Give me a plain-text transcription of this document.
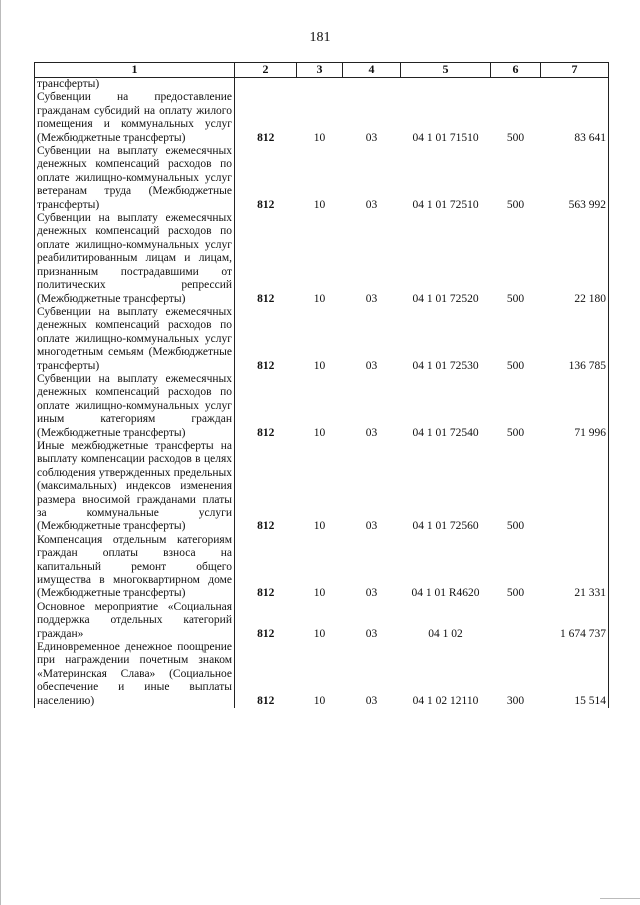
181
1	2	3	4	5	6	7
трансферты)						
Субвенции на предоставление гражданам субсидий на оплату жилого помещения и коммунальных услуг (Межбюджетные трансферты)	812	10	03	04 1 01 71510	500	83 641
Субвенции на выплату ежемесячных денежных компенсаций расходов по оплате жилищно-коммунальных услуг ветеранам труда (Межбюджетные трансферты)	812	10	03	04 1 01 72510	500	563 992
Субвенции на выплату ежемесячных денежных компенсаций расходов по оплате жилищно-коммунальных услуг реабилитированным лицам и лицам, признанным пострадавшими от политических репрессий (Межбюджетные трансферты)	812	10	03	04 1 01 72520	500	22 180
Субвенции на выплату ежемесячных денежных компенсаций расходов по оплате жилищно-коммунальных услуг многодетным семьям (Межбюджетные трансферты)	812	10	03	04 1 01 72530	500	136 785
Субвенции на выплату ежемесячных денежных компенсаций расходов по оплате жилищно-коммунальных услуг иным категориям граждан (Межбюджетные трансферты)	812	10	03	04 1 01 72540	500	71 996
Иные межбюджетные трансферты на выплату компенсации расходов в целях соблюдения утвержденных предельных (максимальных) индексов изменения размера вносимой гражданами платы за коммунальные услуги (Межбюджетные трансферты)	812	10	03	04 1 01 72560	500	
Компенсация отдельным категориям граждан оплаты взноса на капитальный ремонт общего имущества в многоквартирном доме (Межбюджетные трансферты)	812	10	03	04 1 01 R4620	500	21 331
Основное мероприятие «Социальная поддержка отдельных категорий граждан»	812	10	03	04 1 02		1 674 737
Единовременное денежное поощрение при награждении почетным знаком «Материнская Слава» (Социальное обеспечение и иные выплаты населению)	812	10	03	04 1 02 12110	300	15 514
